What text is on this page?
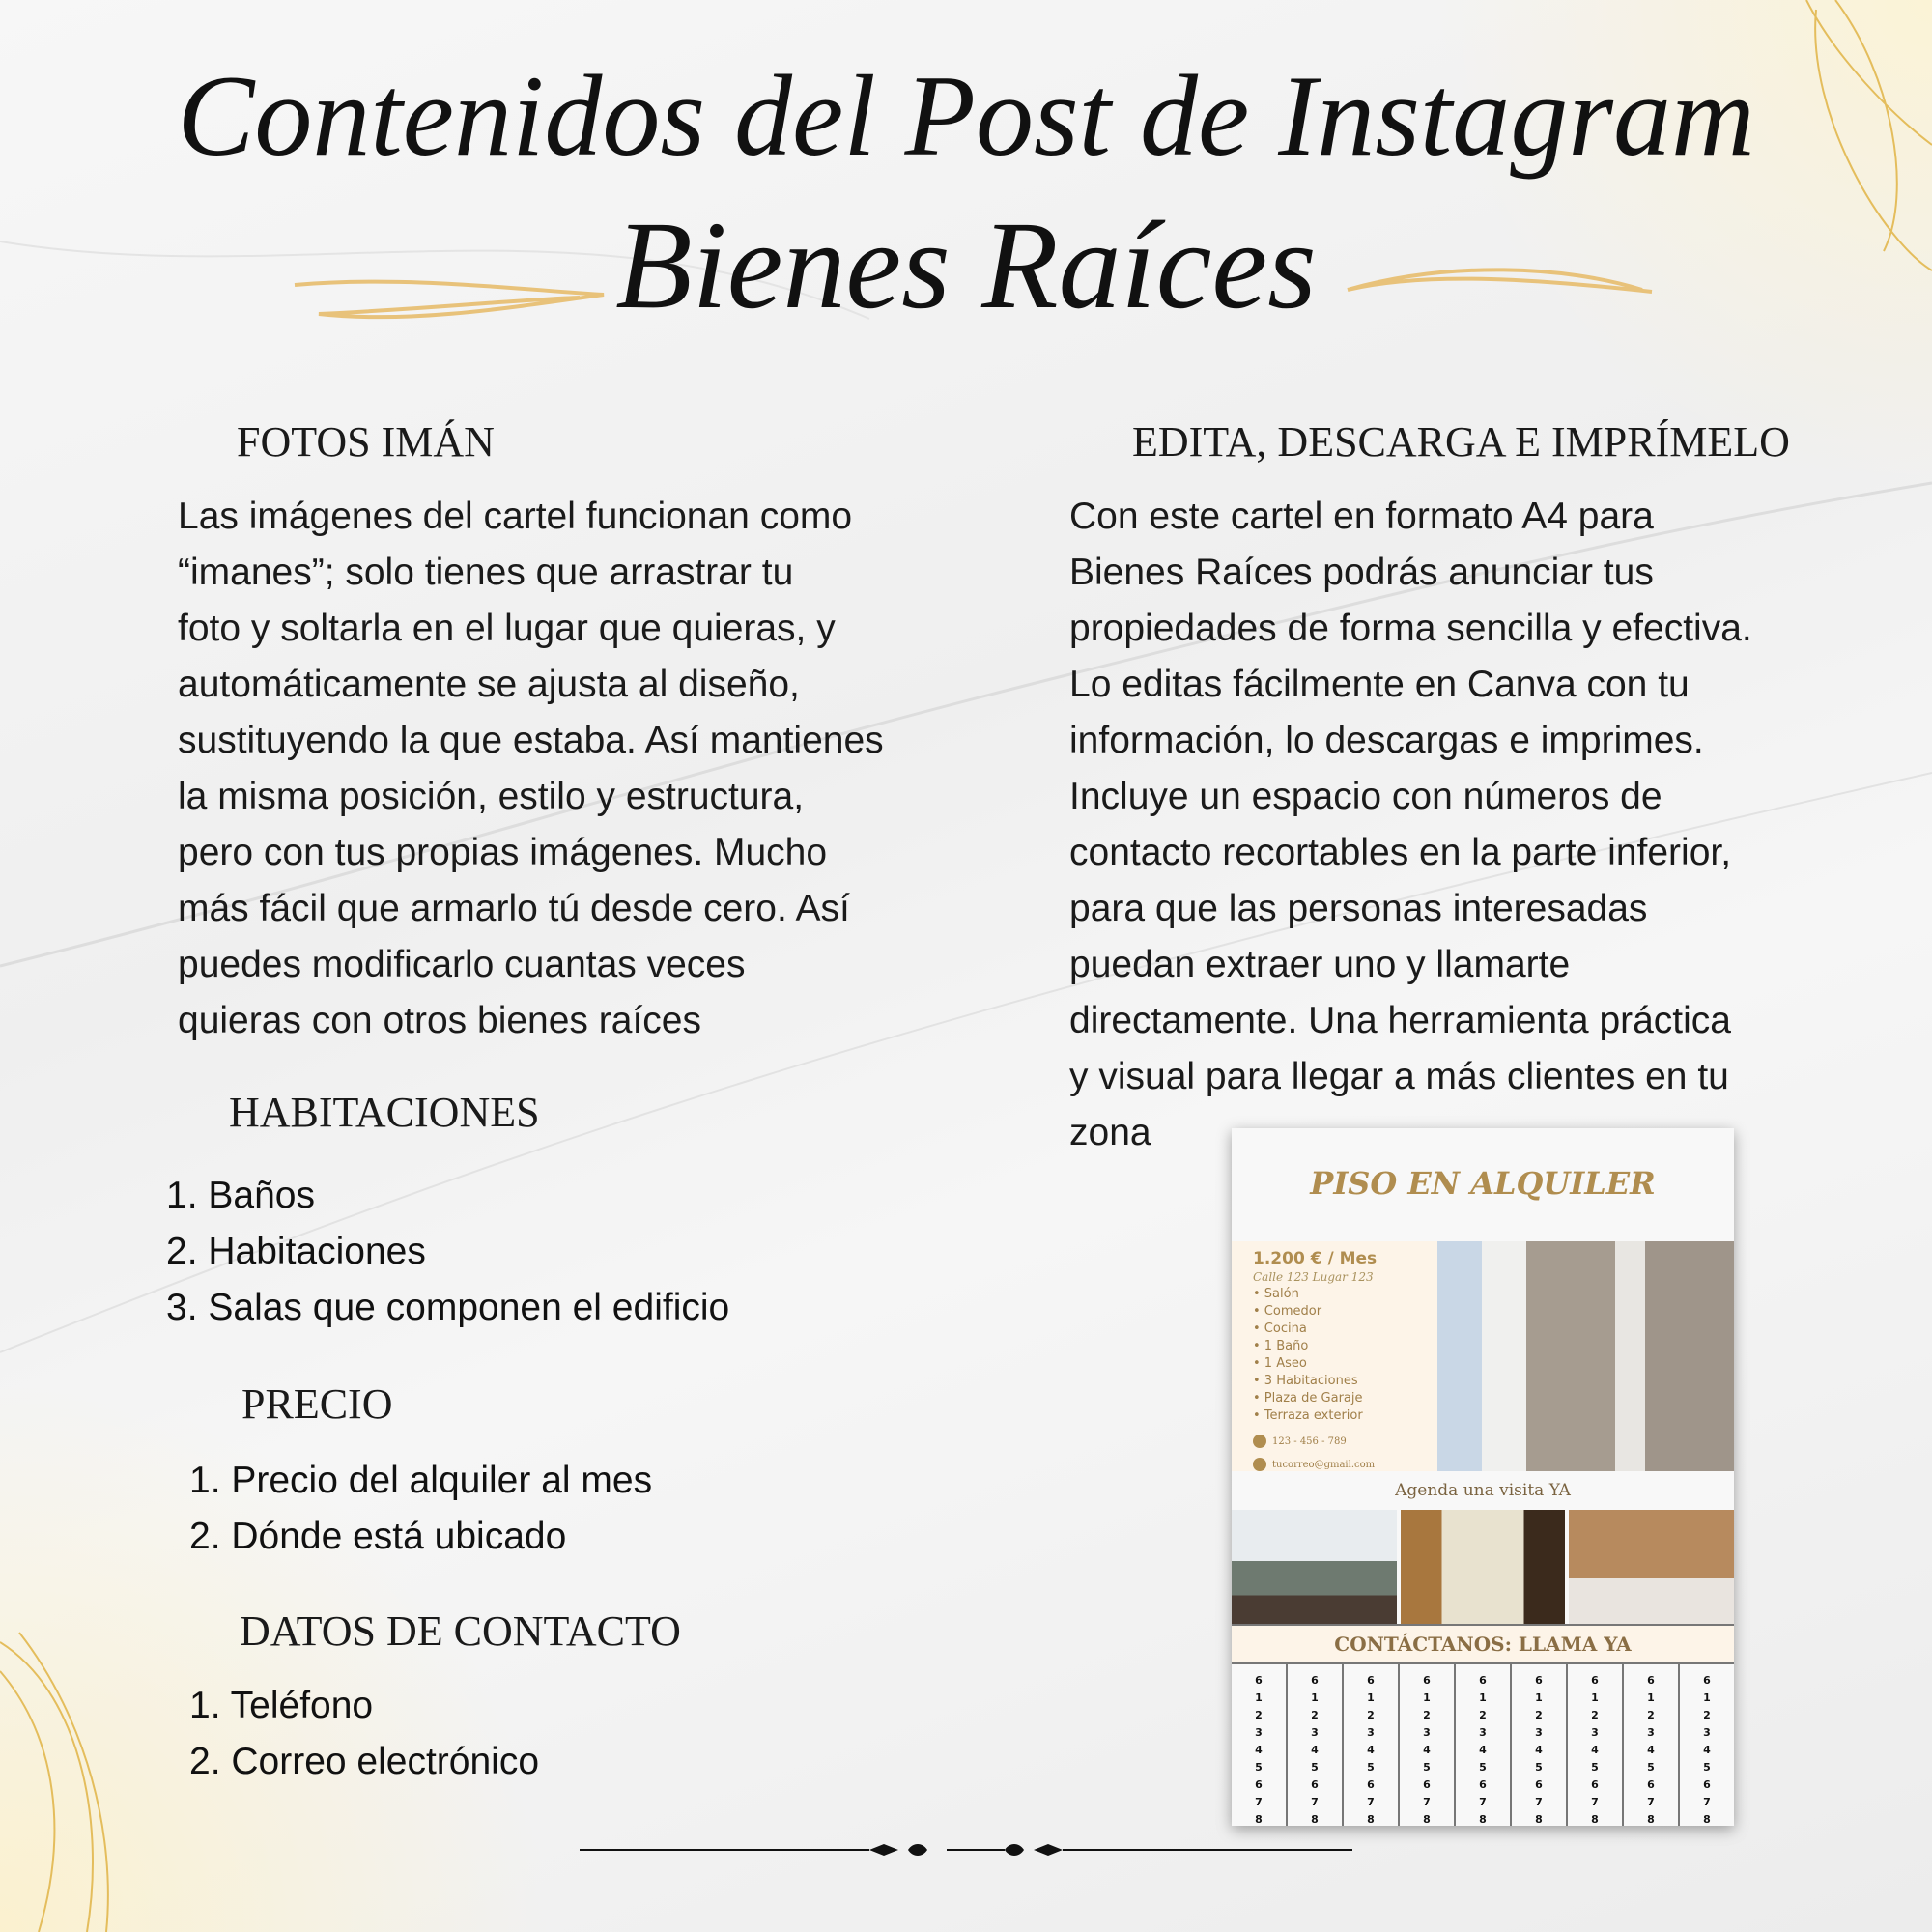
Contenidos del Post de Instagram
Bienes Raíces
FOTOS IMÁN
Las imágenes del cartel funcionan como
“imanes”; solo tienes que arrastrar tu
foto y soltarla en el lugar que quieras, y
automáticamente se ajusta al diseño,
sustituyendo la que estaba. Así mantienes
la misma posición, estilo y estructura,
pero con tus propias imágenes. Mucho
más fácil que armarlo tú desde cero. Así
puedes modificarlo cuantas veces
quieras con otros bienes raíces
EDITA, DESCARGA E IMPRÍMELO
Con este cartel en formato A4 para
Bienes Raíces podrás anunciar tus
propiedades de forma sencilla y efectiva.
Lo editas fácilmente en Canva con tu
información, lo descargas e imprimes.
Incluye un espacio con números de
contacto recortables en la parte inferior,
para que las personas interesadas
puedan extraer uno y llamarte
directamente. Una herramienta práctica
y visual para llegar a más clientes en tu
zona
HABITACIONES
1. Baños
2. Habitaciones
3. Salas que componen el edificio
PRECIO
1. Precio del alquiler al mes
2. Dónde está ubicado
DATOS DE CONTACTO
1. Teléfono
2. Correo electrónico
PISO EN ALQUILER
1.200 € / Mes
Calle 123 Lugar 123
• Salón
• Comedor
• Cocina
• 1 Baño
• 1 Aseo
• 3 Habitaciones
• Plaza de Garaje
• Terraza exterior
123 - 456 - 789
tucorreo@gmail.com
Agenda una visita YA
CONTÁCTANOS: LLAMA YA
6
1
2
3
4
5
6
7
8
6
1
2
3
4
5
6
7
8
6
1
2
3
4
5
6
7
8
6
1
2
3
4
5
6
7
8
6
1
2
3
4
5
6
7
8
6
1
2
3
4
5
6
7
8
6
1
2
3
4
5
6
7
8
6
1
2
3
4
5
6
7
8
6
1
2
3
4
5
6
7
8
